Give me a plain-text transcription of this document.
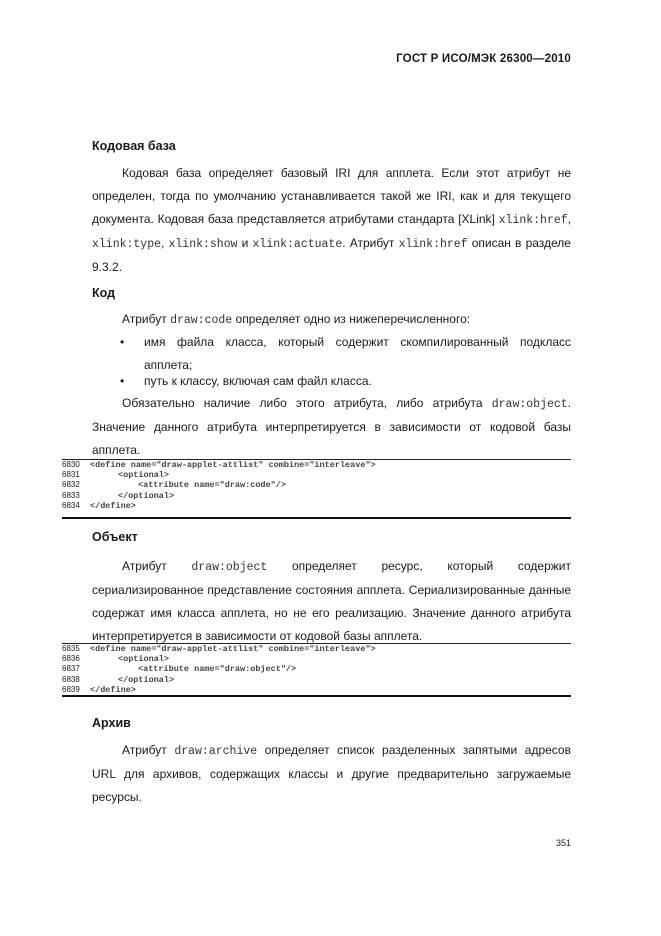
ГОСТ Р ИСО/МЭК 26300—2010
Кодовая база
Кодовая база определяет базовый IRI для апплета. Если этот атрибут не определен, тогда по умолчанию устанавливается такой же IRI, как и для текущего документа. Кодовая база представляется атрибутами стандарта [XLink] xlink:href, xlink:type, xlink:show и xlink:actuate. Атрибут xlink:href описан в разделе 9.3.2.
Код
Атрибут draw:code определяет одно из нижеперечисленного:
• имя файла класса, который содержит скомпилированный подкласс апплета;
• путь к классу, включая сам файл класса.
Обязательно наличие либо этого атрибута, либо атрибута draw:object. Значение данного атрибута интерпретируется в зависимости от кодовой базы апплета.
6830	<define name="draw-applet-attlist" combine="interleave">
6831	<optional>
6832	<attribute name="draw:code"/>
6833	</optional>
6834	</define>
Объект
Атрибут draw:object определяет ресурс, который содержит сериализированное представление состояния апплета. Сериализированные данные содержат имя класса апплета, но не его реализацию. Значение данного атрибута интерпретируется в зависимости от кодовой базы апплета.
6835	<define name="draw-applet-attlist" combine="interleave">
6836	<optional>
6837	<attribute name="draw:object"/>
6838	</optional>
6839	</define>
Архив
Атрибут draw:archive определяет список разделенных запятыми адресов URL для архивов, содержащих классы и другие предварительно загружаемые ресурсы.
351
